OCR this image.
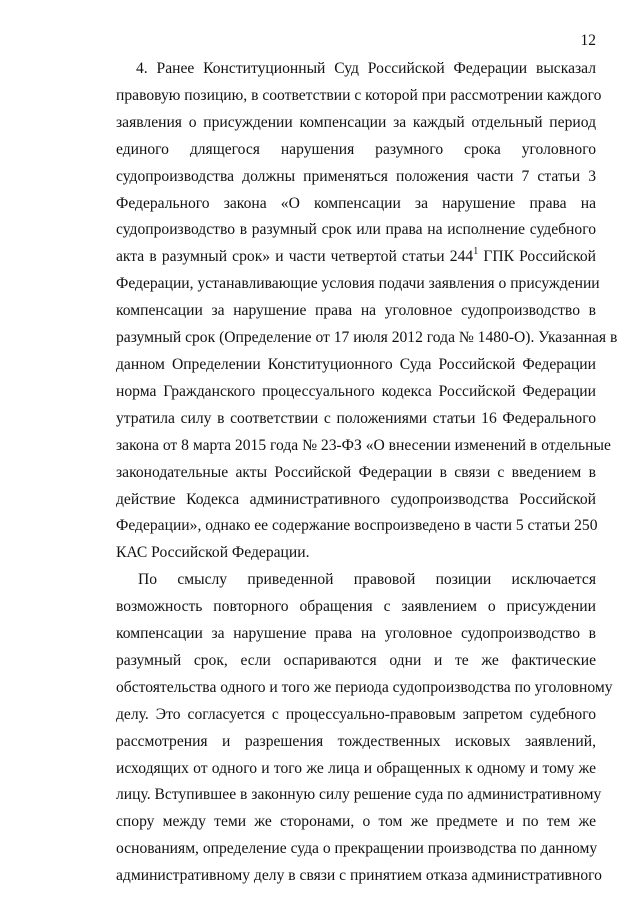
12
4. Ранее Конституционный Суд Российской Федерации высказал
правовую позицию, в соответствии с которой при рассмотрении каждого
заявления о присуждении компенсации за каждый отдельный период
единого длящегося нарушения разумного срока уголовного
судопроизводства должны применяться положения части 7 статьи 3
Федерального закона «О компенсации за нарушение права на
судопроизводство в разумный срок или права на исполнение судебного
акта в разумный срок» и части четвертой статьи $244^1$ ГПК Российской
Федерации, устанавливающие условия подачи заявления о присуждении
компенсации за нарушение права на уголовное судопроизводство в
разумный срок (Определение от 17 июля 2012 года № 1480-О). Указанная в
данном Определении Конституционного Суда Российской Федерации
норма Гражданского процессуального кодекса Российской Федерации
утратила силу в соответствии с положениями статьи 16 Федерального
закона от 8 марта 2015 года № 23-ФЗ «О внесении изменений в отдельные
законодательные акты Российской Федерации в связи с введением в
действие Кодекса административного судопроизводства Российской
Федерации», однако ее содержание воспроизведено в части 5 статьи 250
КАС Российской Федерации.
По смыслу приведенной правовой позиции исключается
возможность повторного обращения с заявлением о присуждении
компенсации за нарушение права на уголовное судопроизводство в
разумный срок, если оспариваются одни и те же фактические
обстоятельства одного и того же периода судопроизводства по уголовному
делу. Это согласуется с процессуально-правовым запретом судебного
рассмотрения и разрешения тождественных исковых заявлений,
исходящих от одного и того же лица и обращенных к одному и тому же
лицу. Вступившее в законную силу решение суда по административному
спору между теми же сторонами, о том же предмете и по тем же
основаниям, определение суда о прекращении производства по данному
административному делу в связи с принятием отказа административного
